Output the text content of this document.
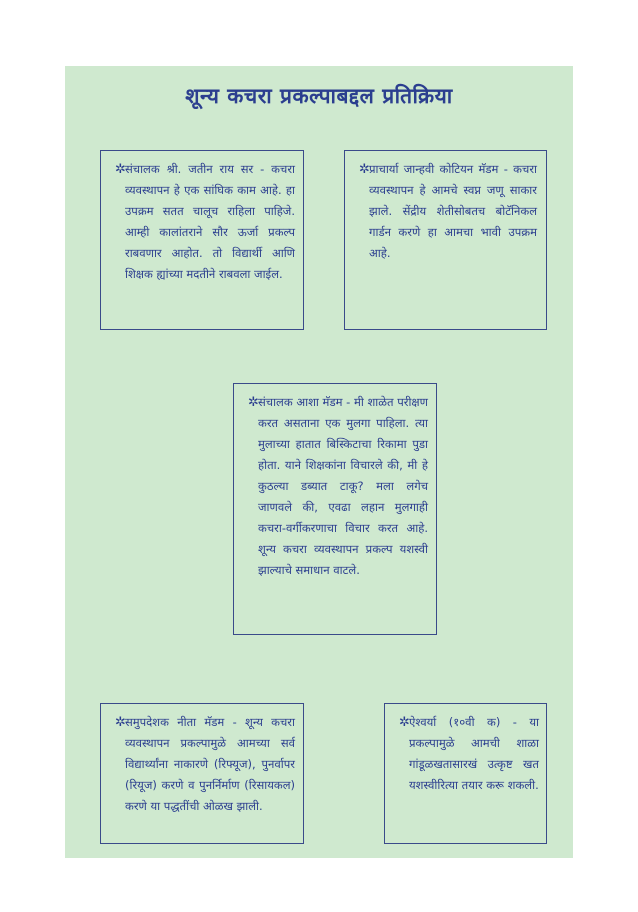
शून्य कचरा प्रकल्पाबद्दल प्रतिक्रिया
✲ संचालक श्री. जतीन राय सर - कचरा व्यवस्थापन हे एक सांघिक काम आहे. हा उपक्रम सतत चालूच राहिला पाहिजे. आम्ही कालांतराने सौर ऊर्जा प्रकल्प राबवणार आहोत. तो विद्यार्थी आणि शिक्षक ह्यांच्या मदतीने राबवला जाईल.
✲ प्राचार्या जान्हवी कोटियन मॅडम - कचरा व्यवस्थापन हे आमचे स्वप्न जणू साकार झाले. सेंद्रीय शेतीसोबतच बोटॅनिकल गार्डन करणे हा आमचा भावी उपक्रम आहे.
✲ संचालक आशा मॅडम - मी शाळेत परीक्षण करत असताना एक मुलगा पाहिला. त्या मुलाच्या हातात बिस्किटाचा रिकामा पुडा होता. याने शिक्षकांना विचारले की, मी हे कुठल्या डब्यात टाकू? मला लगेच जाणवले की, एवढा लहान मुलगाही कचरा-वर्गीकरणाचा विचार करत आहे. शून्य कचरा व्यवस्थापन प्रकल्प यशस्वी झाल्याचे समाधान वाटले.
✲ समुपदेशक नीता मॅडम - शून्य कचरा व्यवस्थापन प्रकल्पामुळे आमच्या सर्व विद्यार्थ्यांना नाकारणे (रिफ्यूज), पुनर्वापर (रियूज) करणे व पुनर्निर्माण (रिसायकल) करणे या पद्धतींची ओळख झाली.
✲ ऐश्वर्या (१०वी क) - या प्रकल्पामुळे आमची शाळा गांडूळखतासारखं उत्कृष्ट खत यशस्वीरित्या तयार करू शकली.
